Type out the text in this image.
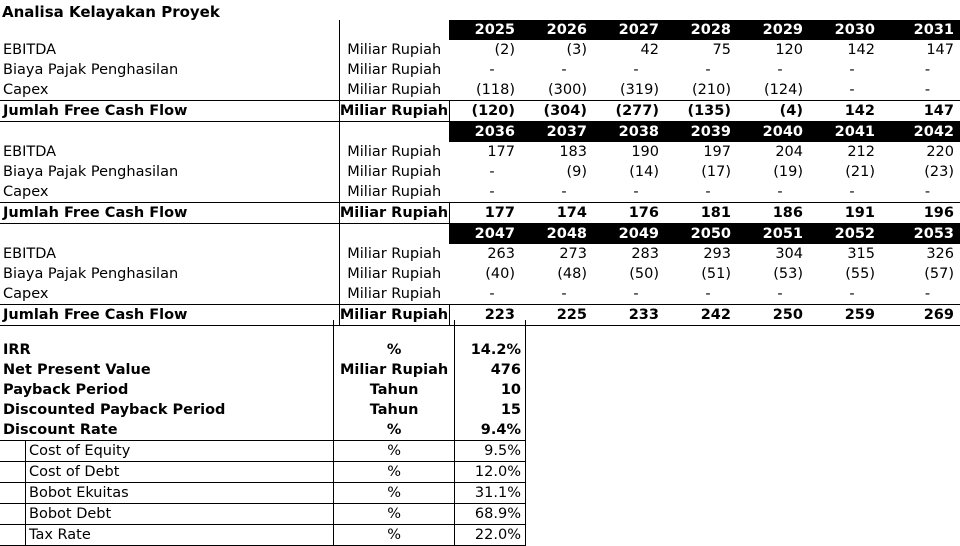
Analisa Kelayakan Proyek
		2025	2026	2027	2028	2029	2030	2031
EBITDA	Miliar Rupiah	(2)	(3)	42	75	120	142	147
Biaya Pajak Penghasilan	Miliar Rupiah	-	-	-	-	-	-	-
Capex	Miliar Rupiah	(118)	(300)	(319)	(210)	(124)	-	-
Jumlah Free Cash Flow	Miliar Rupiah	(120)	(304)	(277)	(135)	(4)	142	147
		2036	2037	2038	2039	2040	2041	2042
EBITDA	Miliar Rupiah	177	183	190	197	204	212	220
Biaya Pajak Penghasilan	Miliar Rupiah	-	(9)	(14)	(17)	(19)	(21)	(23)
Capex	Miliar Rupiah	-	-	-	-	-	-	-
Jumlah Free Cash Flow	Miliar Rupiah	177	174	176	181	186	191	196
		2047	2048	2049	2050	2051	2052	2053
EBITDA	Miliar Rupiah	263	273	283	293	304	315	326
Biaya Pajak Penghasilan	Miliar Rupiah	(40)	(48)	(50)	(51)	(53)	(55)	(57)
Capex	Miliar Rupiah	-	-	-	-	-	-	-
Jumlah Free Cash Flow	Miliar Rupiah	223	225	233	242	250	259	269

IRR	%	14.2%
Net Present Value	Miliar Rupiah	476
Payback Period	Tahun	10
Discounted Payback Period	Tahun	15
Discount Rate	%	9.4%

Cost of Equity	%	9.5%

Cost of Debt	%	12.0%

Bobot Ekuitas	%	31.1%

Bobot Debt	%	68.9%

Tax Rate	%	22.0%
